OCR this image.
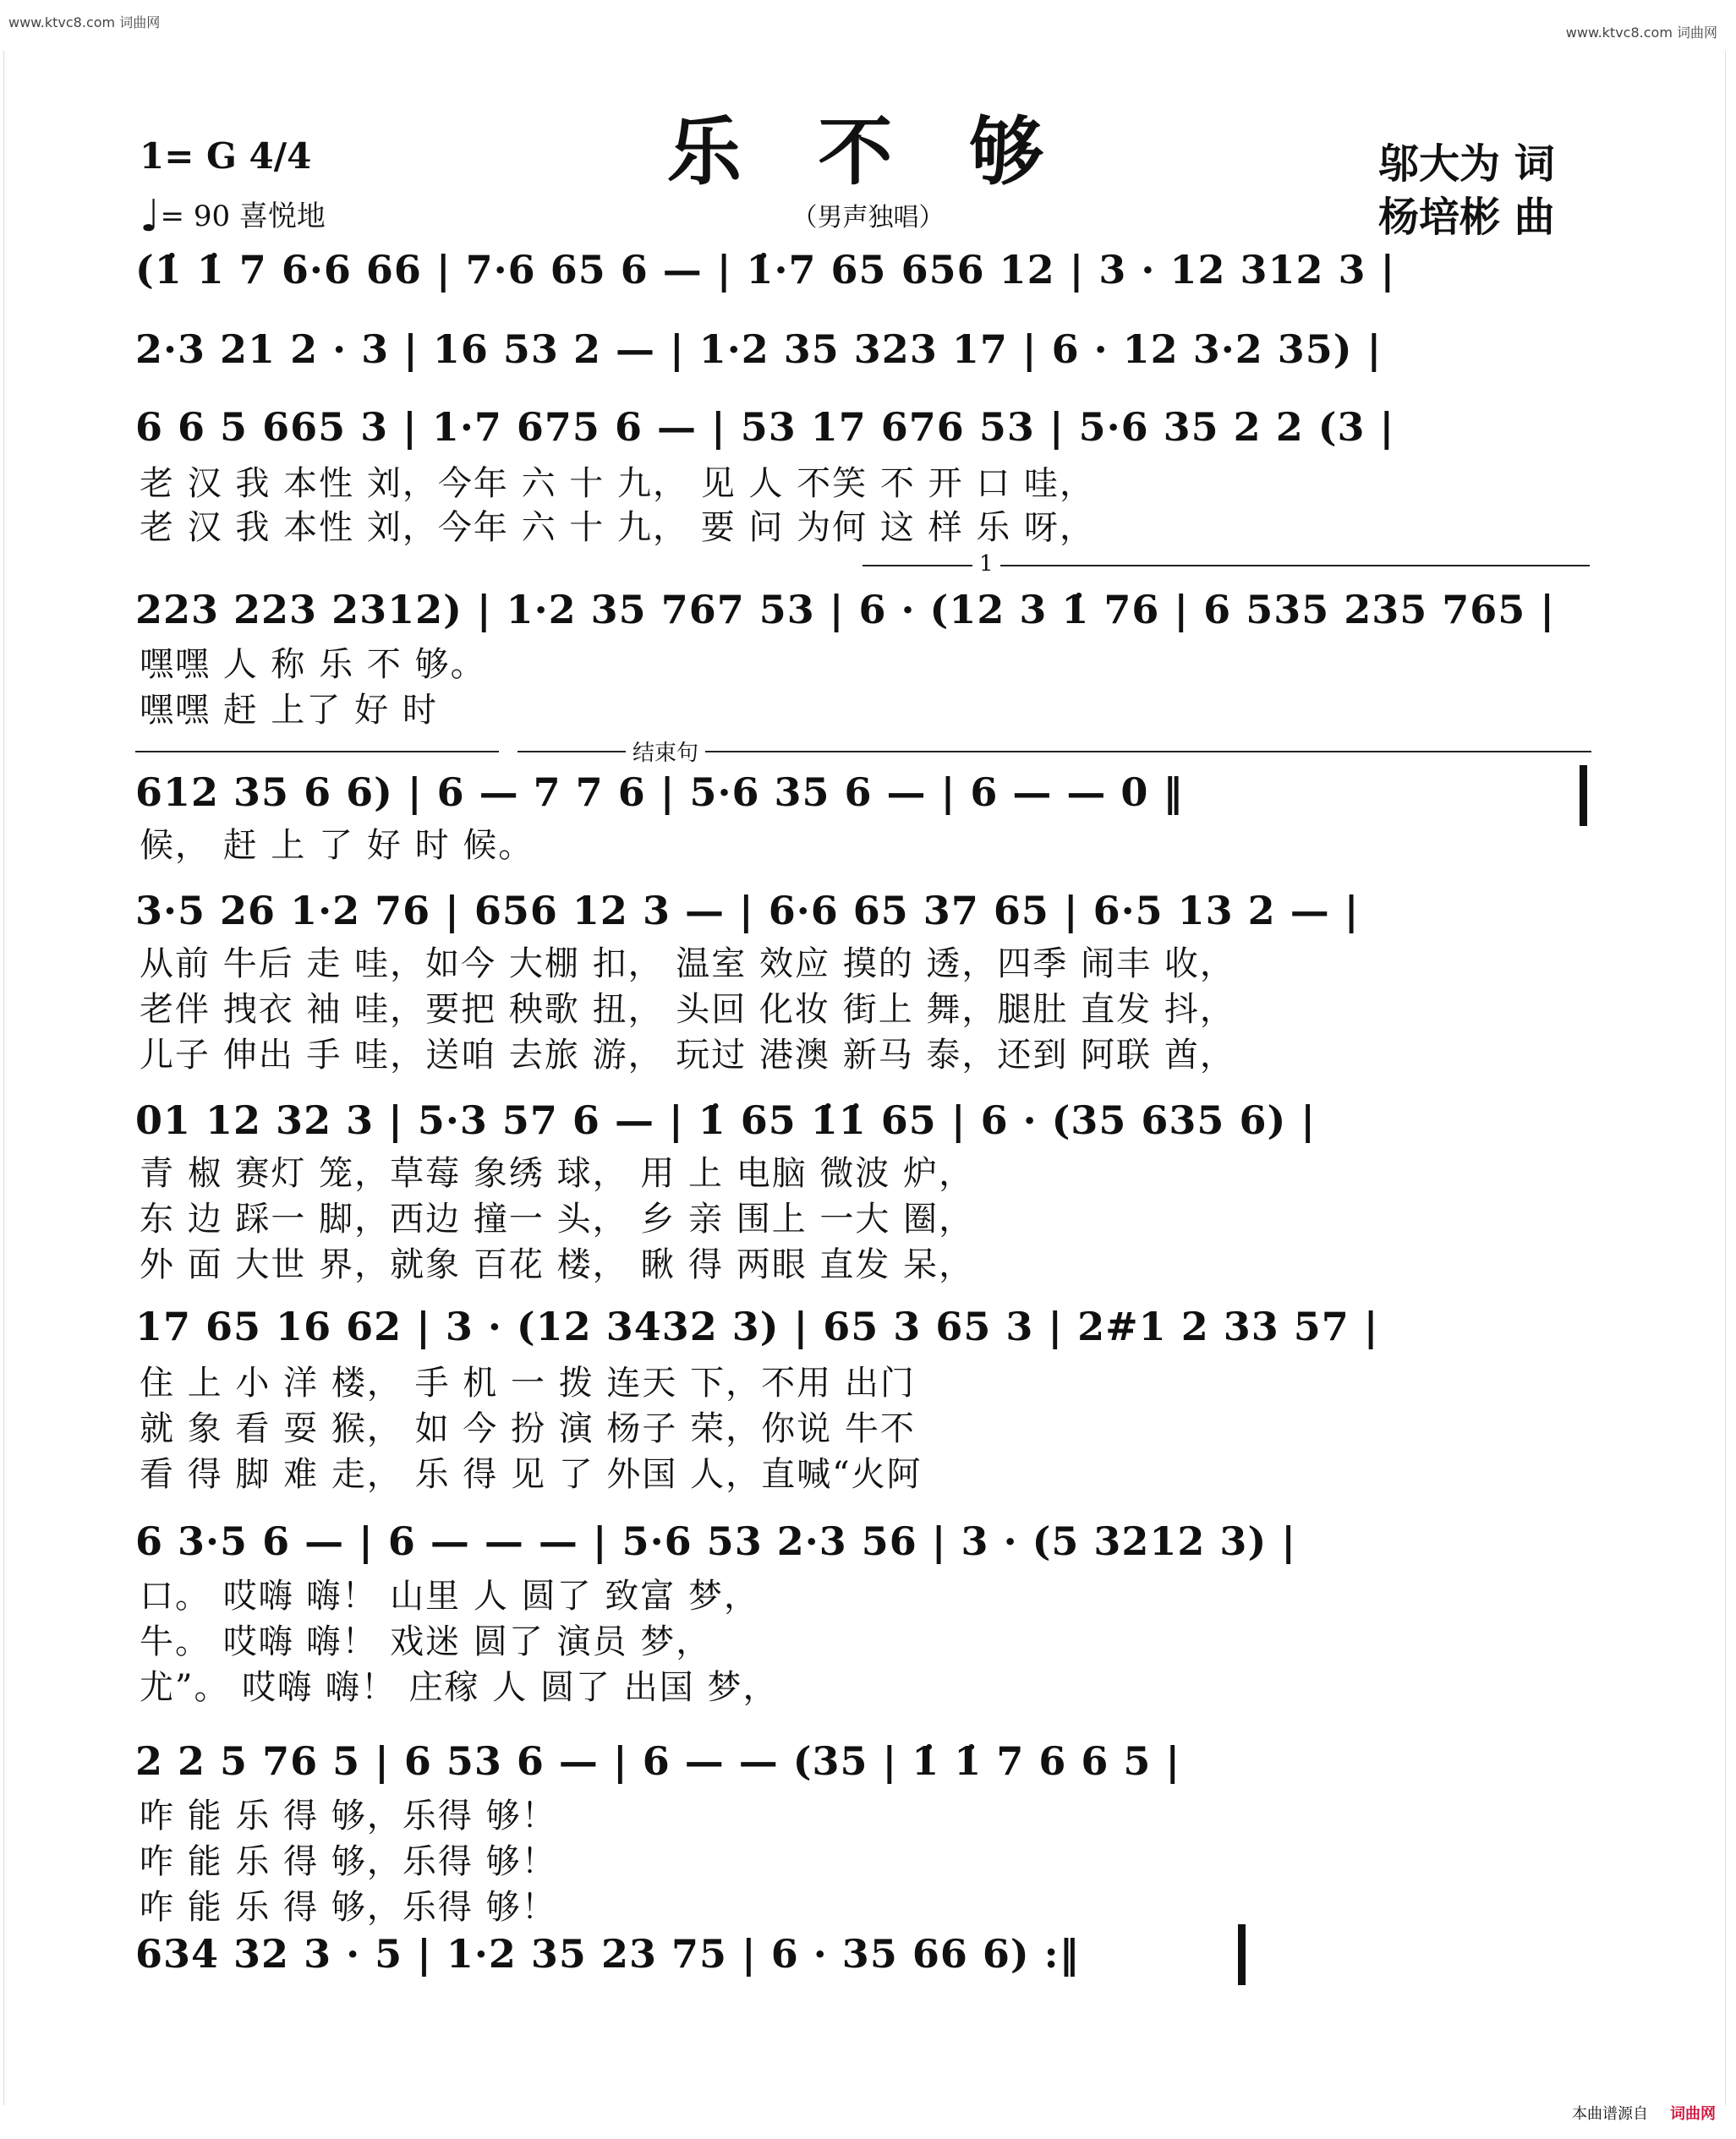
www.ktvc8.com 词曲网
www.ktvc8.com 词曲网
乐 不 够
1= G 4/4
♩= 90 喜悦地	（男声独唱）
邬大为 词
杨培彬 曲
(1̇ 1̇ 7 6·6 66 | 7·6 65 6 — | 1̇·7 65 656 12 | 3 · 12 312 3 |
2·3 21 2 · 3 | 16 53 2 — | 1·2 35 323 17 | 6 · 12 3·2 35) |
6 6 5 665 3 | 1·7 675 6 — | 53 17 676 53 | 5·6 35 2 2 (3 |
老 汉 我 本性 刘，今年 六 十 九， 见 人 不笑 不 开 口 哇，
老 汉 我 本性 刘，今年 六 十 九， 要 问 为何 这 样 乐 呀，
1
223 223 2312) | 1·2 35 767 53 | 6 · (12 3 1̇ 76 | 6 535 235 765 |
嘿嘿 人 称 乐 不 够。
嘿嘿 赶 上了 好 时
结束句
612 35 6 6) | 6 — 7 7 6 | 5·6 35 6 — | 6 — — 0 ‖
候， 赶 上 了 好 时 候。
3·5 26 1·2 76 | 656 12 3 — | 6·6 65 37 65 | 6·5 13 2 — |
从前 牛后 走 哇，如今 大棚 扣， 温室 效应 摸的 透，四季 闹丰 收，
老伴 拽衣 袖 哇，要把 秧歌 扭， 头回 化妆 街上 舞，腿肚 直发 抖，
儿子 伸出 手 哇，送咱 去旅 游， 玩过 港澳 新马 泰，还到 阿联 酋，
01 12 32 3 | 5·3 57 6 — | 1̇ 65 1̇1̇ 65 | 6 · (35 635 6) |
青 椒 赛灯 笼，草莓 象绣 球， 用 上 电脑 微波 炉，
东 边 踩一 脚，西边 撞一 头， 乡 亲 围上 一大 圈，
外 面 大世 界，就象 百花 楼， 瞅 得 两眼 直发 呆，
17 65 16 62 | 3 · (12 3432 3) | 65 3 65 3 | 2#1 2 33 57 |
住 上 小 洋 楼， 手 机 一 拨 连天 下，不用 出门
就 象 看 耍 猴， 如 今 扮 演 杨子 荣，你说 牛不
看 得 脚 难 走， 乐 得 见 了 外国 人，直喊“火阿
6 3·5 6 — | 6 — — — | 5·6 53 2·3 56 | 3 · (5 3212 3) |
口。 哎嗨 嗨！ 山里 人 圆了 致富 梦，
牛。 哎嗨 嗨！ 戏迷 圆了 演员 梦，
尤”。 哎嗨 嗨！ 庄稼 人 圆了 出国 梦，
2 2 5 76 5 | 6 53 6 — | 6 — — (35 | 1̇ 1̇ 7 6 6 5 |
咋 能 乐 得 够，乐得 够！
咋 能 乐 得 够，乐得 够！
咋 能 乐 得 够，乐得 够！
634 32 3 · 5 | 1·2 35 23 75 | 6 · 35 66 6) :‖
本曲谱源自 词曲网
